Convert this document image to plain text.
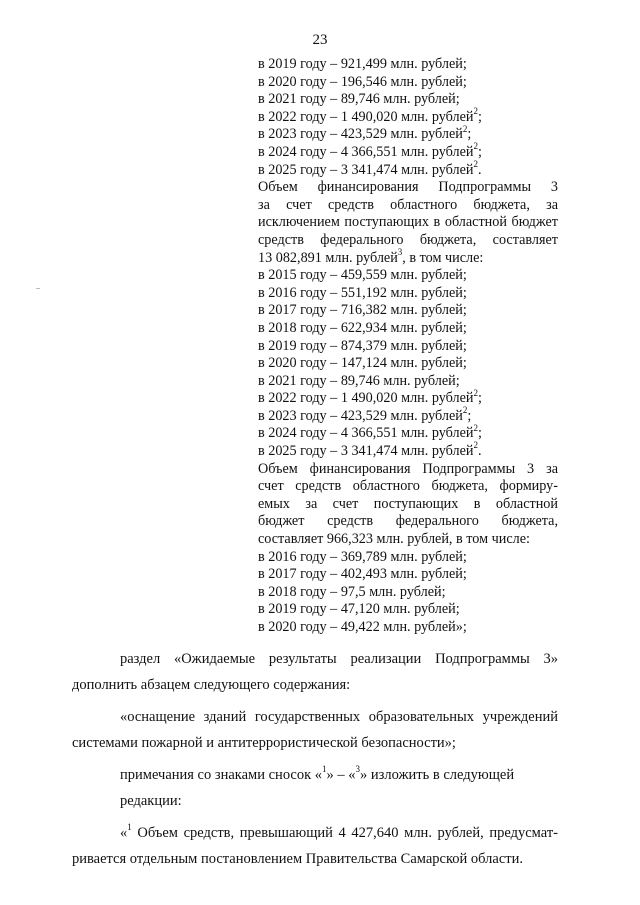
23
в 2019 году – 921,499 млн. рублей;
в 2020 году – 196,546 млн. рублей;
в 2021 году – 89,746 млн. рублей;
в 2022 году – 1 490,020 млн. рублей$^2$;
в 2023 году – 423,529 млн. рублей$^2$;
в 2024 году – 4 366,551 млн. рублей$^2$;
в 2025 году – 3 341,474 млн. рублей$^2$.
Объем финансирования Подпрограммы 3
за счет средств областного бюджета, за
исключением поступающих в областной бюджет
средств федерального бюджета, составляет
13 082,891 млн. рублей$^3$, в том числе:
в 2015 году – 459,559 млн. рублей;
в 2016 году – 551,192 млн. рублей;
в 2017 году – 716,382 млн. рублей;
в 2018 году – 622,934 млн. рублей;
в 2019 году – 874,379 млн. рублей;
в 2020 году – 147,124 млн. рублей;
в 2021 году – 89,746 млн. рублей;
в 2022 году – 1 490,020 млн. рублей$^2$;
в 2023 году – 423,529 млн. рублей$^2$;
в 2024 году – 4 366,551 млн. рублей$^2$;
в 2025 году – 3 341,474 млн. рублей$^2$.
Объем финансирования Подпрограммы 3 за
счет средств областного бюджета, формиру-
емых за счет поступающих в областной
бюджет средств федерального бюджета,
составляет 966,323 млн. рублей, в том числе:
в 2016 году – 369,789 млн. рублей;
в 2017 году – 402,493 млн. рублей;
в 2018 году – 97,5 млн. рублей;
в 2019 году – 47,120 млн. рублей;
в 2020 году – 49,422 млн. рублей»;
раздел «Ожидаемые результаты реализации Подпрограммы 3»
дополнить абзацем следующего содержания:
«оснащение зданий государственных образовательных учреждений
системами пожарной и антитеррористической безопасности»;
примечания со знаками сносок «$^1$» – «$^3$» изложить в следующей редакции:
«$^1$ Объем средств, превышающий 4 427,640 млн. рублей, предусмат-
ривается отдельным постановлением Правительства Самарской области.
